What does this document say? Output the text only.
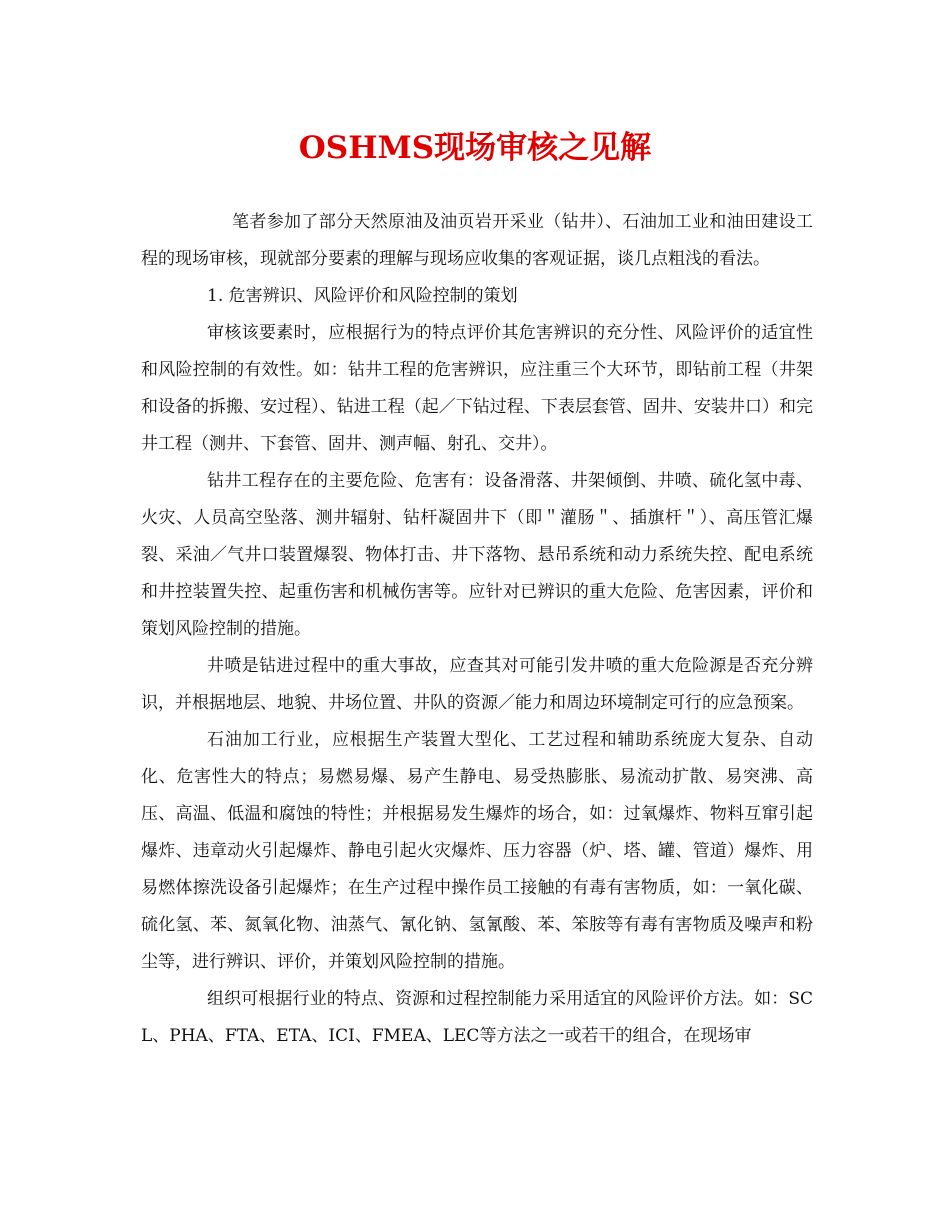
OSHMS现场审核之见解

笔者参加了部分天然原油及油页岩开采业（钻井）、石油加工业和油田建设工程的现场审核，现就部分要素的理解与现场应收集的客观证据，谈几点粗浅的看法。

1. 危害辨识、风险评价和风险控制的策划

审核该要素时，应根据行为的特点评价其危害辨识的充分性、风险评价的适宜性和风险控制的有效性。如：钻井工程的危害辨识，应注重三个大环节，即钻前工程（井架和设备的拆搬、安过程）、钻进工程（起／下钻过程、下表层套管、固井、安装井口）和完井工程（测井、下套管、固井、测声幅、射孔、交井）。

钻井工程存在的主要危险、危害有：设备滑落、井架倾倒、井喷、硫化氢中毒、火灾、人员高空坠落、测井辐射、钻杆凝固井下（即＂灌肠＂、插旗杆＂）、高压管汇爆裂、采油／气井口装置爆裂、物体打击、井下落物、悬吊系统和动力系统失控、配电系统和井控装置失控、起重伤害和机械伤害等。应针对已辨识的重大危险、危害因素，评价和策划风险控制的措施。

井喷是钻进过程中的重大事故，应查其对可能引发井喷的重大危险源是否充分辨识，并根据地层、地貌、井场位置、井队的资源／能力和周边环境制定可行的应急预案。

石油加工行业，应根据生产装置大型化、工艺过程和辅助系统庞大复杂、自动化、危害性大的特点；易燃易爆、易产生静电、易受热膨胀、易流动扩散、易突沸、高压、高温、低温和腐蚀的特性；并根据易发生爆炸的场合，如：过氧爆炸、物料互窜引起爆炸、违章动火引起爆炸、静电引起火灾爆炸、压力容器（炉、塔、罐、管道）爆炸、用易燃体擦洗设备引起爆炸；在生产过程中操作员工接触的有毒有害物质，如：一氧化碳、硫化氢、苯、氮氧化物、油蒸气、氰化钠、氢氰酸、苯、笨胺等有毒有害物质及噪声和粉尘等，进行辨识、评价，并策划风险控制的措施。

组织可根据行业的特点、资源和过程控制能力采用适宜的风险评价方法。如：SCL、PHA、FTA、ETA、ICI、FMEA、LEC等方法之一或若干的组合，在现场审
